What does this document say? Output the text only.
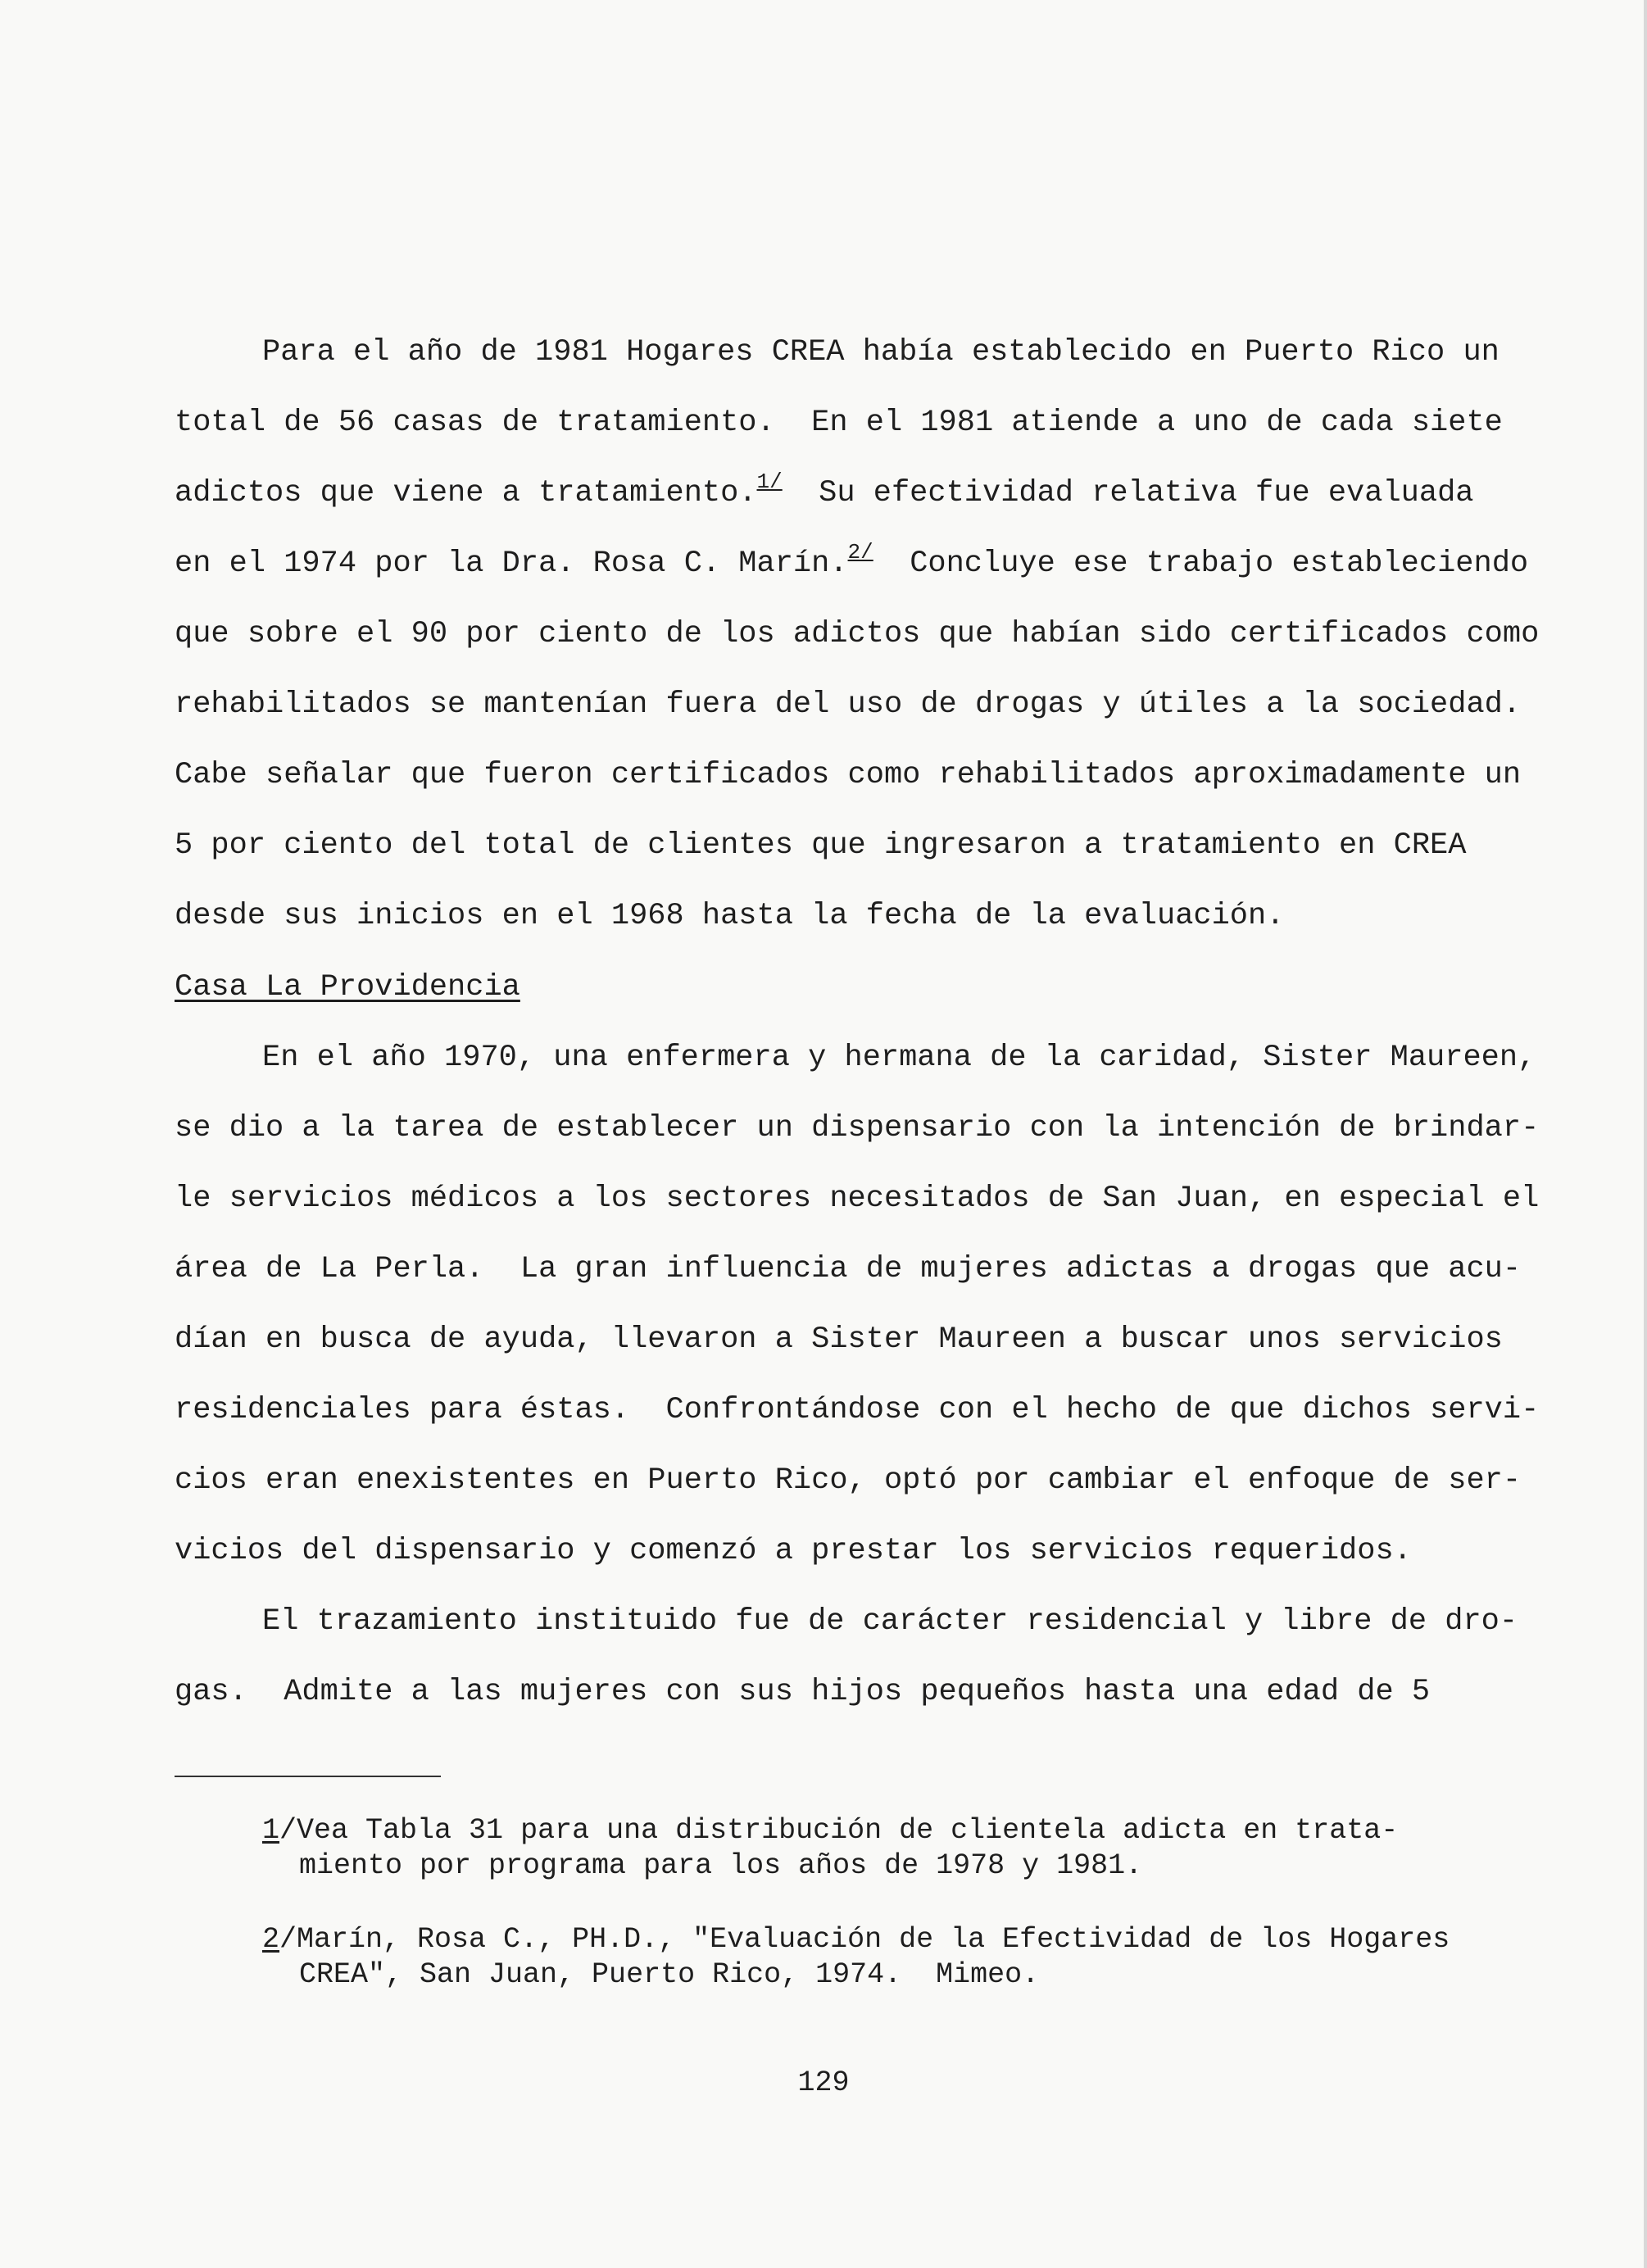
Para el año de 1981 Hogares CREA había establecido en Puerto Rico un
total de 56 casas de tratamiento.  En el 1981 atiende a uno de cada siete
adictos que viene a tratamiento.$^{1/}$ Su efectividad relativa fue evaluada
en el 1974 por la Dra. Rosa C. Marín.$^{2/}$ Concluye ese trabajo estableciendo
que sobre el 90 por ciento de los adictos que habían sido certificados como
rehabilitados se mantenían fuera del uso de drogas y útiles a la sociedad.
Cabe señalar que fueron certificados como rehabilitados aproximadamente un
5 por ciento del total de clientes que ingresaron a tratamiento en CREA
desde sus inicios en el 1968 hasta la fecha de la evaluación.
Casa La Providencia
En el año 1970, una enfermera y hermana de la caridad, Sister Maureen,
se dio a la tarea de establecer un dispensario con la intención de brindar-
le servicios médicos a los sectores necesitados de San Juan, en especial el
área de La Perla.  La gran influencia de mujeres adictas a drogas que acu-
dían en busca de ayuda, llevaron a Sister Maureen a buscar unos servicios
residenciales para éstas.  Confrontándose con el hecho de que dichos servi-
cios eran enexistentes en Puerto Rico, optó por cambiar el enfoque de ser-
vicios del dispensario y comenzó a prestar los servicios requeridos.
El trazamiento instituido fue de carácter residencial y libre de dro-
gas.  Admite a las mujeres con sus hijos pequeños hasta una edad de 5
1/Vea Tabla 31 para una distribución de clientela adicta en trata-
miento por programa para los años de 1978 y 1981.
2/Marín, Rosa C., PH.D., "Evaluación de la Efectividad de los Hogares
CREA", San Juan, Puerto Rico, 1974.  Mimeo.
129
